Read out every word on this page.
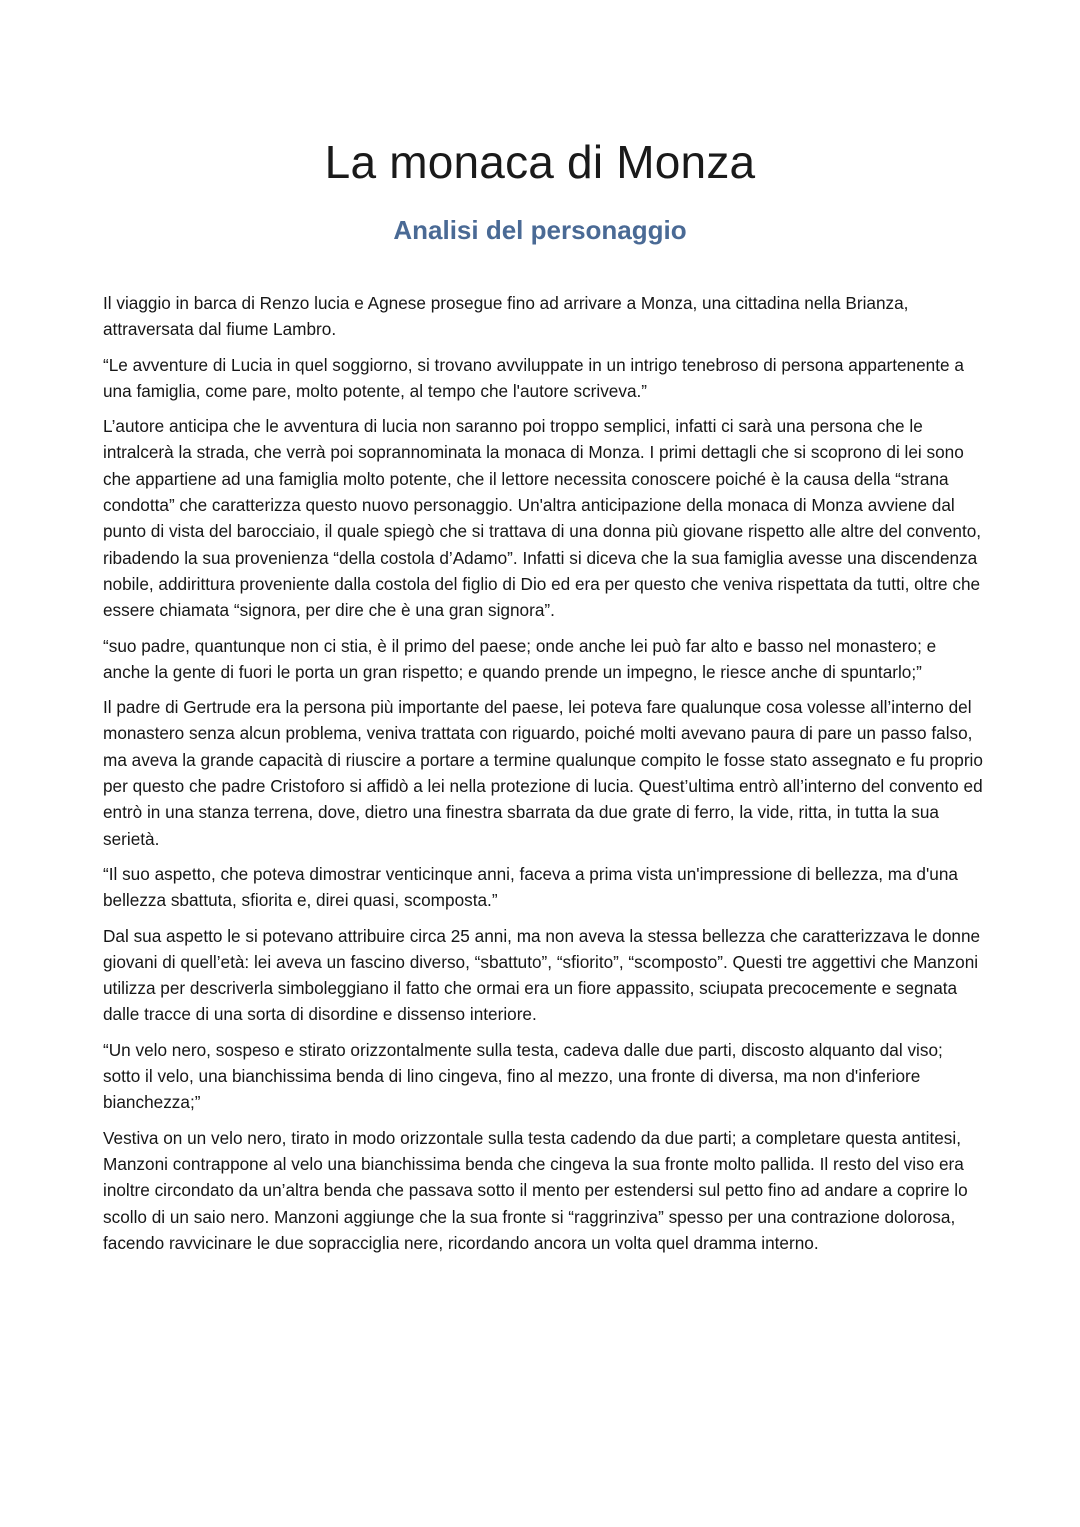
La monaca di Monza
Analisi del personaggio

Il viaggio in barca di Renzo lucia e Agnese prosegue fino ad arrivare a Monza, una cittadina nella Brianza, attraversata dal fiume Lambro.

“Le avventure di Lucia in quel soggiorno, si trovano avviluppate in un intrigo tenebroso di persona appartenente a una famiglia, come pare, molto potente, al tempo che l'autore scriveva.”

L’autore anticipa che le avventura di lucia non saranno poi troppo semplici, infatti ci sarà una persona che le intralcerà la strada, che verrà poi soprannominata la monaca di Monza. I primi dettagli che si scoprono di lei sono che appartiene ad una famiglia molto potente, che il lettore necessita conoscere poiché è la causa della “strana condotta” che caratterizza questo nuovo personaggio. Un'altra anticipazione della monaca di Monza avviene dal punto di vista del barocciaio, il quale spiegò che si trattava di una donna più giovane rispetto alle altre del convento, ribadendo la sua provenienza “della costola d’Adamo”. Infatti si diceva che la sua famiglia avesse una discendenza nobile, addirittura proveniente dalla costola del figlio di Dio ed era per questo che veniva rispettata da tutti, oltre che essere chiamata “signora, per dire che è una gran signora”.

“suo padre, quantunque non ci stia, è il primo del paese; onde anche lei può far alto e basso nel monastero; e anche la gente di fuori le porta un gran rispetto; e quando prende un impegno, le riesce anche di spuntarlo;”

Il padre di Gertrude era la persona più importante del paese, lei poteva fare qualunque cosa volesse all’interno del monastero senza alcun problema, veniva trattata con riguardo, poiché molti avevano paura di pare un passo falso, ma aveva la grande capacità di riuscire a portare a termine qualunque compito le fosse stato assegnato e fu proprio per questo che padre Cristoforo si affidò a lei nella protezione di lucia. Quest’ultima entrò all’interno del convento ed entrò in una stanza terrena, dove, dietro una finestra sbarrata da due grate di ferro, la vide, ritta, in tutta la sua serietà.

“Il suo aspetto, che poteva dimostrar venticinque anni, faceva a prima vista un'impressione di bellezza, ma d'una bellezza sbattuta, sfiorita e, direi quasi, scomposta.”

Dal sua aspetto le si potevano attribuire circa 25 anni, ma non aveva la stessa bellezza che caratterizzava le donne giovani di quell’età: lei aveva un fascino diverso, “sbattuto”, “sfiorito”, “scomposto”. Questi tre aggettivi che Manzoni utilizza per descriverla simboleggiano il fatto che ormai era un fiore appassito, sciupata precocemente e segnata dalle tracce di una sorta di disordine e dissenso interiore.

“Un velo nero, sospeso e stirato orizzontalmente sulla testa, cadeva dalle due parti, discosto alquanto dal viso; sotto il velo, una bianchissima benda di lino cingeva, fino al mezzo, una fronte di diversa, ma non d'inferiore bianchezza;”

Vestiva on un velo nero, tirato in modo orizzontale sulla testa cadendo da due parti; a completare questa antitesi, Manzoni contrappone al velo una bianchissima benda che cingeva la sua fronte molto pallida. Il resto del viso era inoltre circondato da un’altra benda che passava sotto il mento per estendersi sul petto fino ad andare a coprire lo scollo di un saio nero. Manzoni aggiunge che la sua fronte si “raggrinziva” spesso per una contrazione dolorosa, facendo ravvicinare le due sopracciglia nere, ricordando ancora un volta quel dramma interno.
